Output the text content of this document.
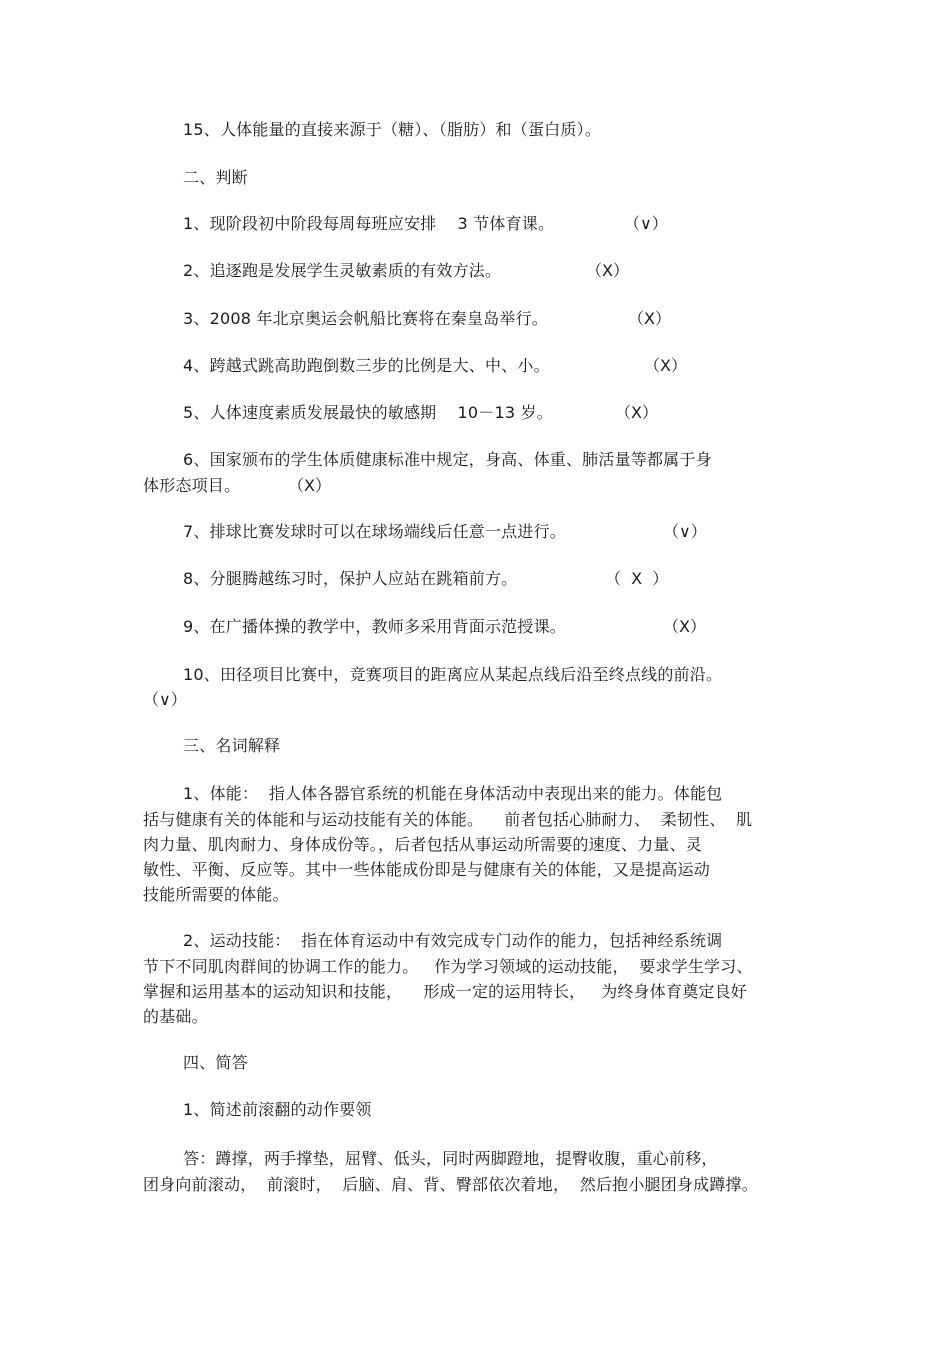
15、人体能量的直接来源于（糖）、（脂肪）和（蛋白质）。
二、判断
1、现阶段初中阶段每周每班应安排    3 节体育课。	（∨）
2、追逐跑是发展学生灵敏素质的有效方法。	（X）
3、2008 年北京奥运会帆船比赛将在秦皇岛举行。	（X）
4、跨越式跳高助跑倒数三步的比例是大、中、小。	（X）
5、人体速度素质发展最快的敏感期    10－13 岁。	（X）
6、国家颁布的学生体质健康标准中规定，身高、体重、肺活量等都属于身
体形态项目。	（X）
7、排球比赛发球时可以在球场端线后任意一点进行。	（∨）
8、分腿腾越练习时，保护人应站在跳箱前方。	（  X  ）
9、在广播体操的教学中，教师多采用背面示范授课。	（X）
10、田径项目比赛中，竞赛项目的距离应从某起点线后沿至终点线的前沿。
（∨）
三、名词解释
1、体能：  指人体各器官系统的机能在身体活动中表现出来的能力。体能包
括与健康有关的体能和与运动技能有关的体能。    前者包括心肺耐力、  柔韧性、  肌
肉力量、肌肉耐力、身体成份等。，后者包括从事运动所需要的速度、力量、灵
敏性、平衡、反应等。其中一些体能成份即是与健康有关的体能，又是提高运动
技能所需要的体能。
2、运动技能：  指在体育运动中有效完成专门动作的能力，包括神经系统调
节下不同肌肉群间的协调工作的能力。   作为学习领域的运动技能，  要求学生学习、
掌握和运用基本的运动知识和技能，    形成一定的运用特长，   为终身体育奠定良好
的基础。
四、简答
1、简述前滚翻的动作要领
答：蹲撑，两手撑垫，屈臂、低头，同时两脚蹬地，提臀收腹，重心前移，
团身向前滚动，  前滚时，  后脑、肩、背、臀部依次着地，  然后抱小腿团身成蹲撑。
